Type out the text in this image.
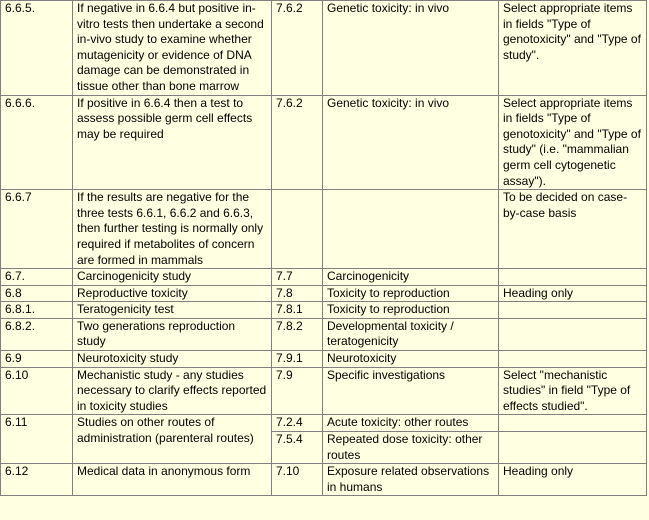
6.6.5.	If negative in 6.6.4 but positive in-vitro tests then undertake a second in-vivo study to examine whether mutagenicity or evidence of DNA damage can be demonstrated in tissue other than bone marrow	7.6.2	Genetic toxicity: in vivo	Select appropriate items in fields "Type of genotoxicity" and "Type of study".
6.6.6.	If positive in 6.6.4 then a test to assess possible germ cell effects may be required	7.6.2	Genetic toxicity: in vivo	Select appropriate items in fields "Type of genotoxicity" and "Type of study" (i.e. "mammalian germ cell cytogenetic assay").
6.6.7	If the results are negative for the three tests 6.6.1, 6.6.2 and 6.6.3, then further testing is normally only required if metabolites of concern are formed in mammals			To be decided on case-by-case basis
6.7.	Carcinogenicity study	7.7	Carcinogenicity	
6.8	Reproductive toxicity	7.8	Toxicity to reproduction	Heading only
6.8.1.	Teratogenicity test	7.8.1	Toxicity to reproduction	
6.8.2.	Two generations reproduction study	7.8.2	Developmental toxicity / teratogenicity	
6.9	Neurotoxicity study	7.9.1	Neurotoxicity	
6.10	Mechanistic study - any studies necessary to clarify effects reported in toxicity studies	7.9	Specific investigations	Select "mechanistic studies" in field "Type of effects studied".
6.11	Studies on other routes of administration (parenteral routes)	7.2.4	Acute toxicity: other routes	
		7.5.4	Repeated dose toxicity: other routes	
6.12	Medical data in anonymous form	7.10	Exposure related observations in humans	Heading only
